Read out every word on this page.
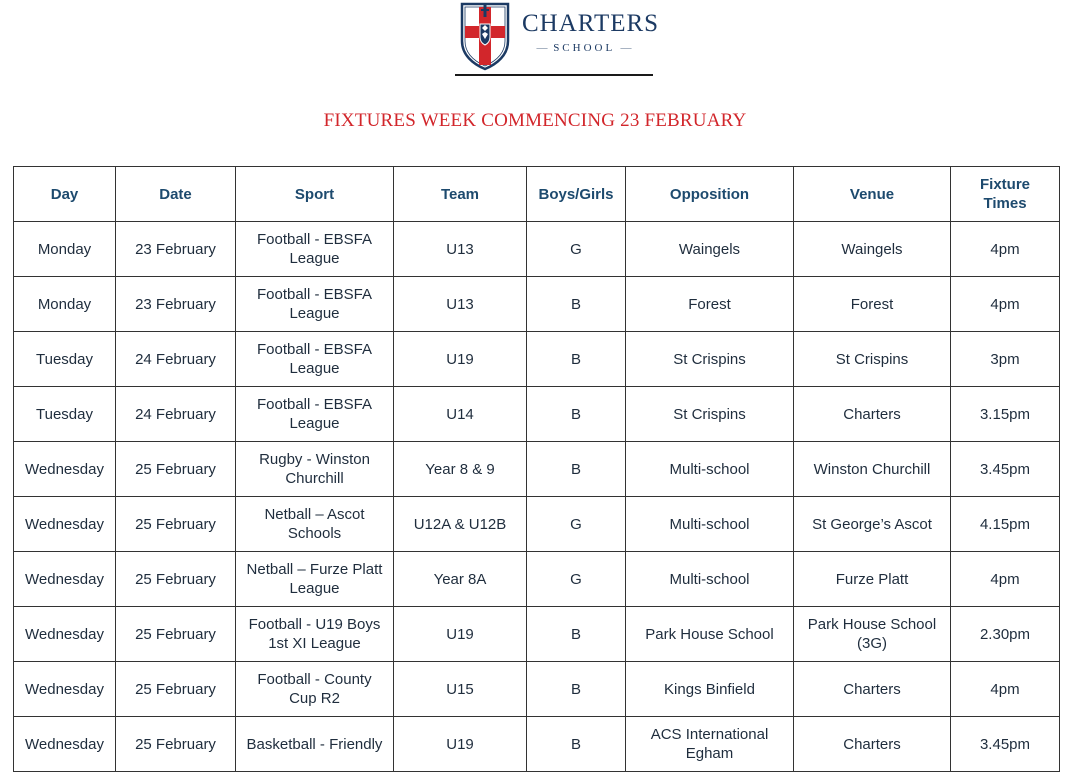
CHARTERS
— SCHOOL —
FIXTURES WEEK COMMENCING 23 FEBRUARY
Day	Date	Sport	Team	Boys/Girls	Opposition	Venue	Fixture Times
Monday	23 February	Football - EBSFA League	U13	G	Waingels	Waingels	4pm
Monday	23 February	Football - EBSFA League	U13	B	Forest	Forest	4pm
Tuesday	24 February	Football - EBSFA League	U19	B	St Crispins	St Crispins	3pm
Tuesday	24 February	Football - EBSFA League	U14	B	St Crispins	Charters	3.15pm
Wednesday	25 February	Rugby - Winston Churchill	Year 8 & 9	B	Multi-school	Winston Churchill	3.45pm
Wednesday	25 February	Netball – Ascot Schools	U12A & U12B	G	Multi-school	St George’s Ascot	4.15pm
Wednesday	25 February	Netball – Furze Platt League	Year 8A	G	Multi-school	Furze Platt	4pm
Wednesday	25 February	Football - U19 Boys 1st XI League	U19	B	Park House School	Park House School (3G)	2.30pm
Wednesday	25 February	Football - County Cup R2	U15	B	Kings Binfield	Charters	4pm
Wednesday	25 February	Basketball - Friendly	U19	B	ACS International Egham	Charters	3.45pm
